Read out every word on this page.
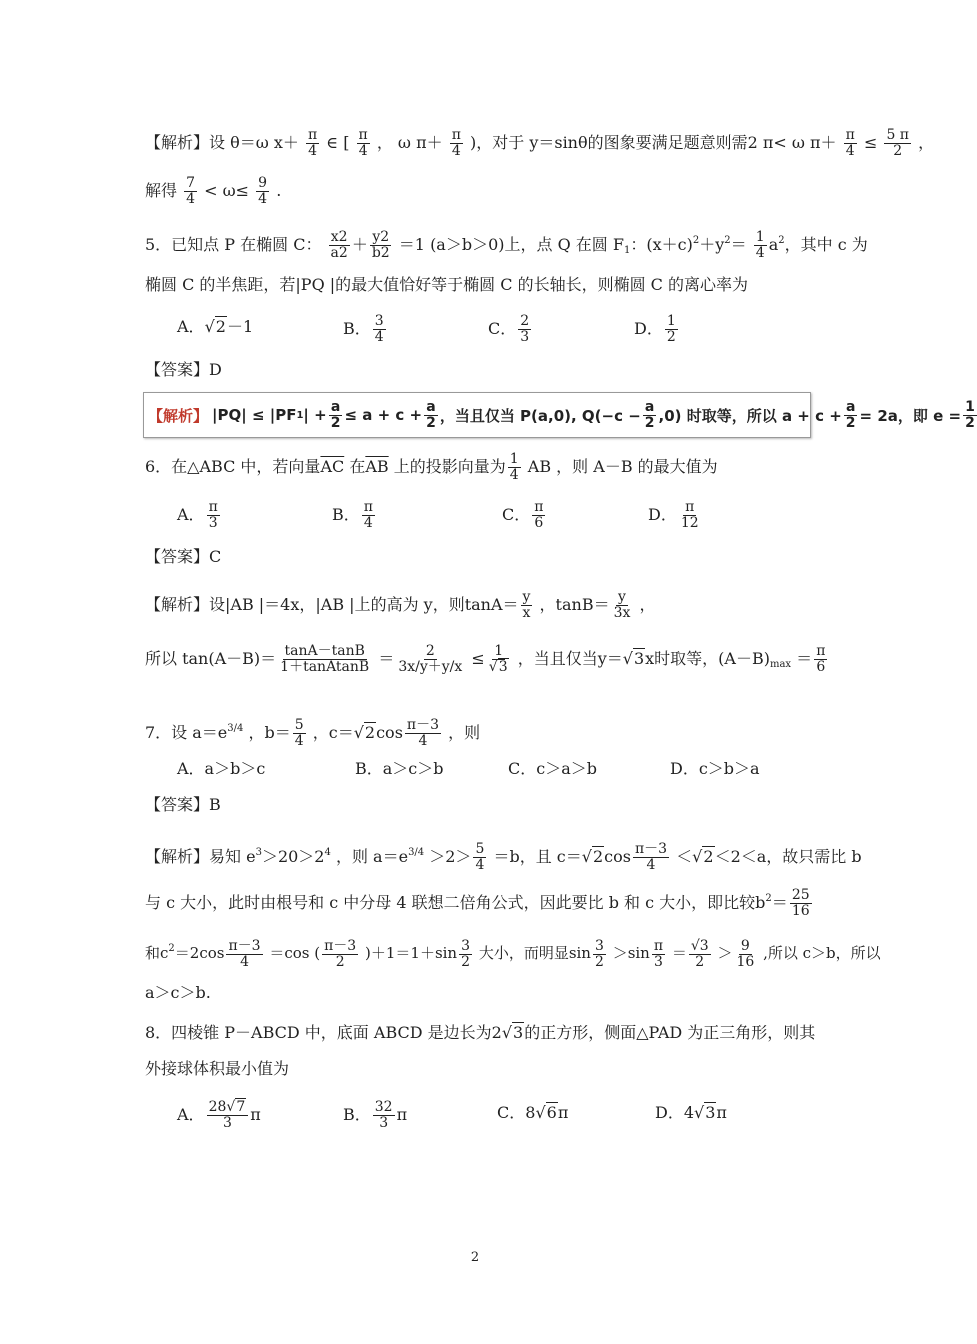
【解析】设 θ＝ω $x+ \frac{\pi}{4}$ ∈ [ $\frac{\pi}{4}$ ， ω $\pi+ \frac{\pi}{4}$ )，对于 y＝sinθ的图象要满足题意则需2 π< ω $\pi+ \frac{\pi}{4} \le \frac{5 \pi}{2}$ ，
解得 $\frac{7}{4} < \omega\le \frac{9}{4}$ .
5．已知点 P 在椭圆 C： $\frac{x2}{a2} + \frac{y2}{b2} =1$ (a＞b＞0)上，点 Q 在圆 $F_1$：$(x+c)^2+y^2= \frac{1}{4} a^2$，其中 c 为
椭圆 C 的半焦距，若|PQ |的最大值恰好等于椭圆 C 的长轴长，则椭圆 C 的离心率为
A．√2－1	B． $\frac{3}{4}$	C． $\frac{2}{3}$	D． $\frac{1}{2}$
【答案】D
【解析】 |PQ| ≤ |PF 1 | + $\frac{a}{2} \le a + c + \frac{a}{2}$ ，当且仅当 P(a,0), $Q(-c - \frac{a}{2} ,0)$ 时取等，所以 $a + c + \frac{a}{2} = 2a$，即 $e = \frac{1}{2}$
6．在△ABC 中，若向量$\overline{AC}$ 在$\overline{AB}$ 上的投影向量为 $\frac{1}{4}$ AB ，则 A－B 的最大值为
A． $\frac{\pi}{3}$	B． $\frac{\pi}{4}$	C． $\frac{\pi}{6}$	D． $\frac{\pi}{12}$
【答案】C
【解析】设|AB |＝4x，|AB |上的高为 y，则$\tan A= \frac{y}{x}$ ，$\tan B= \frac{y}{3x}$ ，
所以 $\tan(A-B)= \frac{\tan A-\tan B}{\text{1＋tanAtanB}} = \frac{2}{3x/y+y/x} \le \frac{1}{√3}$ ，当且仅当y＝√3x时取等，$(A-B)_{max} = \frac{\pi}{6}$
7．设 $a=e^{3/4}$ ，$b= \frac{5}{4}$ ，$c=√2\cos \frac{\pi-3}{4}$ ，则
A．a＞b＞c	B．a＞c＞b	C．c＞a＞b	D．c＞b＞a
【答案】B
【解析】易知 $e^3>20>2^4$ ，则 $a=e^{3/4} >2> \frac{5}{4} =b$，且 $c=√2\cos \frac{\pi-3}{4} <√2<2<a$，故只需比 b
与 c 大小，此时由根号和 c 中分母 4 联想二倍角公式，因此要比 b 和 c 大小，即比较$b^2= \frac{25}{16}$
和$c^2=2\cos \frac{\pi-3}{4} =\cos$ ( $\frac{\pi-3}{2} )+1=1+\sin \frac{3}{2}$ 大小，而明显$\sin \frac{3}{2} >\sin \frac{\pi}{3} = \frac{√3}{2} > \frac{9}{16}$ ,所以 c＞b，所以
a＞c＞b.
8．四棱锥 P－ABCD 中，底面 ABCD 是边长为2√3的正方形，侧面△PAD 为正三角形，则其
外接球体积最小值为
A． $\frac{28√7}{3}$ π	B． $\frac{32}{3}$ π	C．8√6π	D．4√3π
2
